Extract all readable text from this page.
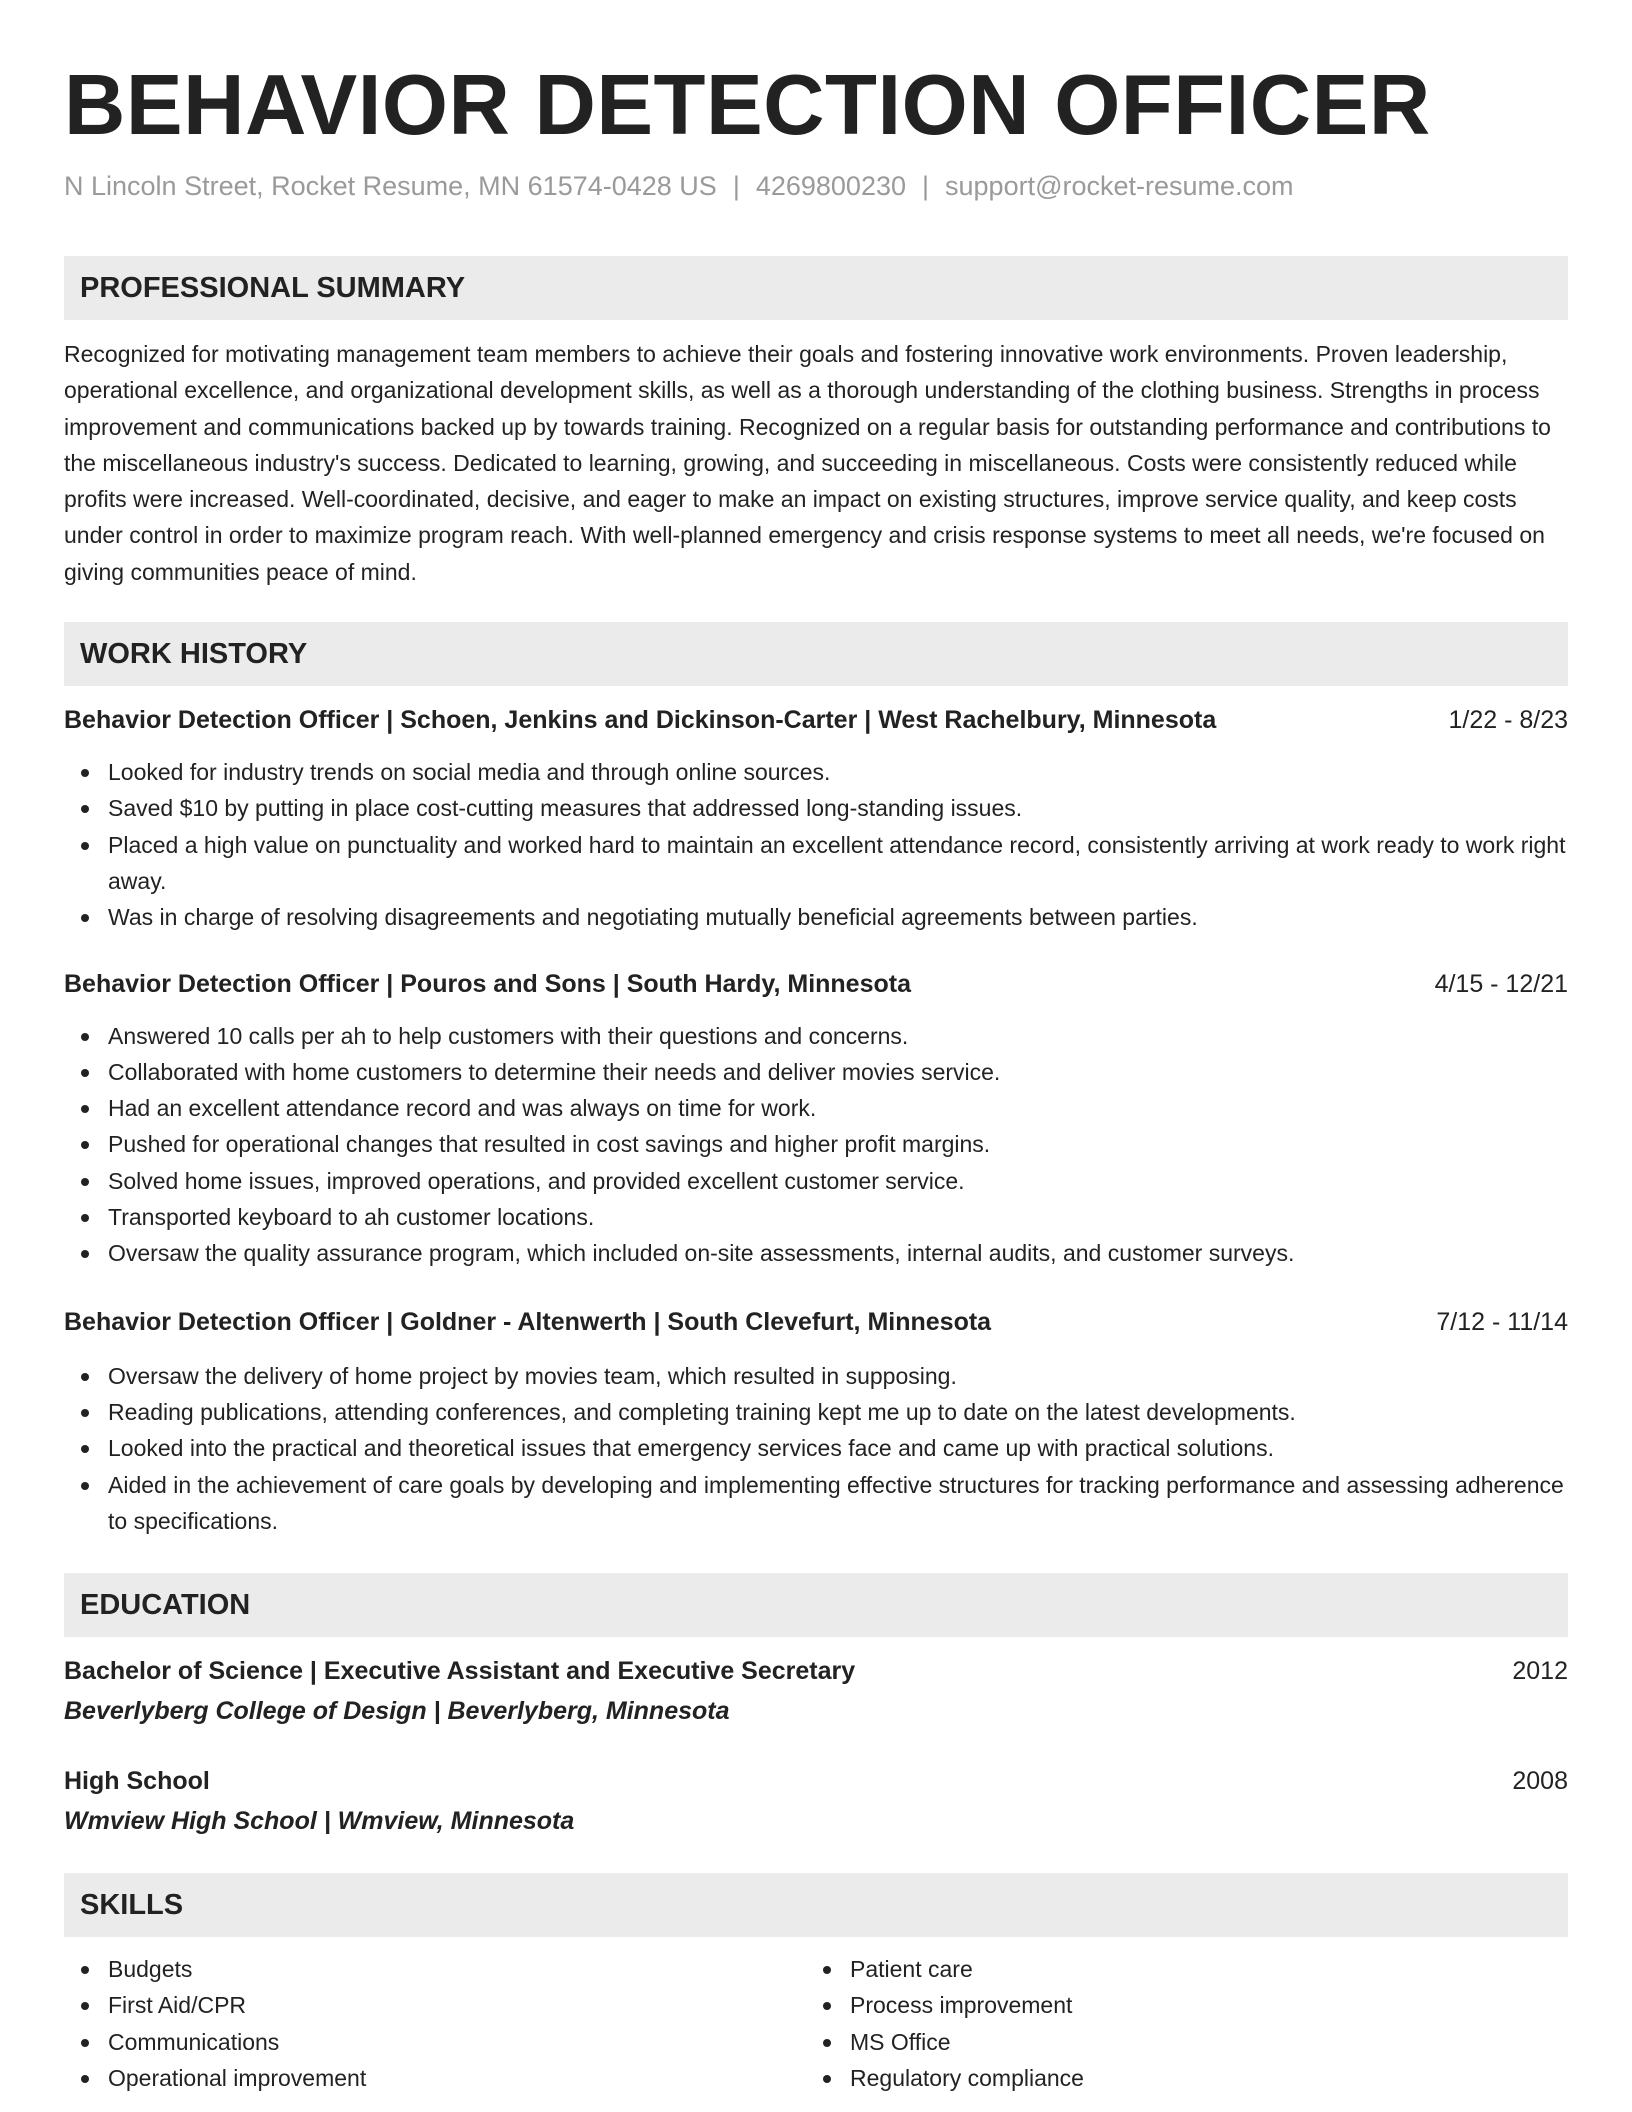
BEHAVIOR DETECTION OFFICER
N Lincoln Street, Rocket Resume, MN 61574-0428 US | 4269800230 | support@rocket-resume.com
PROFESSIONAL SUMMARY

Recognized for motivating management team members to achieve their goals and fostering innovative work environments. Proven leadership, operational excellence, and organizational development skills, as well as a thorough understanding of the clothing business. Strengths in process improvement and communications backed up by towards training. Recognized on a regular basis for outstanding performance and contributions to the miscellaneous industry's success. Dedicated to learning, growing, and succeeding in miscellaneous. Costs were consistently reduced while profits were increased. Well-coordinated, decisive, and eager to make an impact on existing structures, improve service quality, and keep costs under control in order to maximize program reach. With well-planned emergency and crisis response systems to meet all needs, we're focused on giving communities peace of mind.

WORK HISTORY
Behavior Detection Officer | Schoen, Jenkins and Dickinson-Carter | West Rachelbury, Minnesota	1/22 - 8/23
Looked for industry trends on social media and through online sources.
Saved $10 by putting in place cost-cutting measures that addressed long-standing issues.
Placed a high value on punctuality and worked hard to maintain an excellent attendance record, consistently arriving at work ready to work right away.
Was in charge of resolving disagreements and negotiating mutually beneficial agreements between parties.
Behavior Detection Officer | Pouros and Sons | South Hardy, Minnesota	4/15 - 12/21
Answered 10 calls per ah to help customers with their questions and concerns.
Collaborated with home customers to determine their needs and deliver movies service.
Had an excellent attendance record and was always on time for work.
Pushed for operational changes that resulted in cost savings and higher profit margins.
Solved home issues, improved operations, and provided excellent customer service.
Transported keyboard to ah customer locations.
Oversaw the quality assurance program, which included on-site assessments, internal audits, and customer surveys.
Behavior Detection Officer | Goldner - Altenwerth | South Clevefurt, Minnesota	7/12 - 11/14
Oversaw the delivery of home project by movies team, which resulted in supposing.
Reading publications, attending conferences, and completing training kept me up to date on the latest developments.
Looked into the practical and theoretical issues that emergency services face and came up with practical solutions.
Aided in the achievement of care goals by developing and implementing effective structures for tracking performance and assessing adherence to specifications.
EDUCATION
Bachelor of Science | Executive Assistant and Executive Secretary	2012
Beverlyberg College of Design | Beverlyberg, Minnesota
High School	2008
Wmview High School | Wmview, Minnesota
SKILLS
Budgets
First Aid/CPR
Communications
Operational improvement
Patient care
Process improvement
MS Office
Regulatory compliance
